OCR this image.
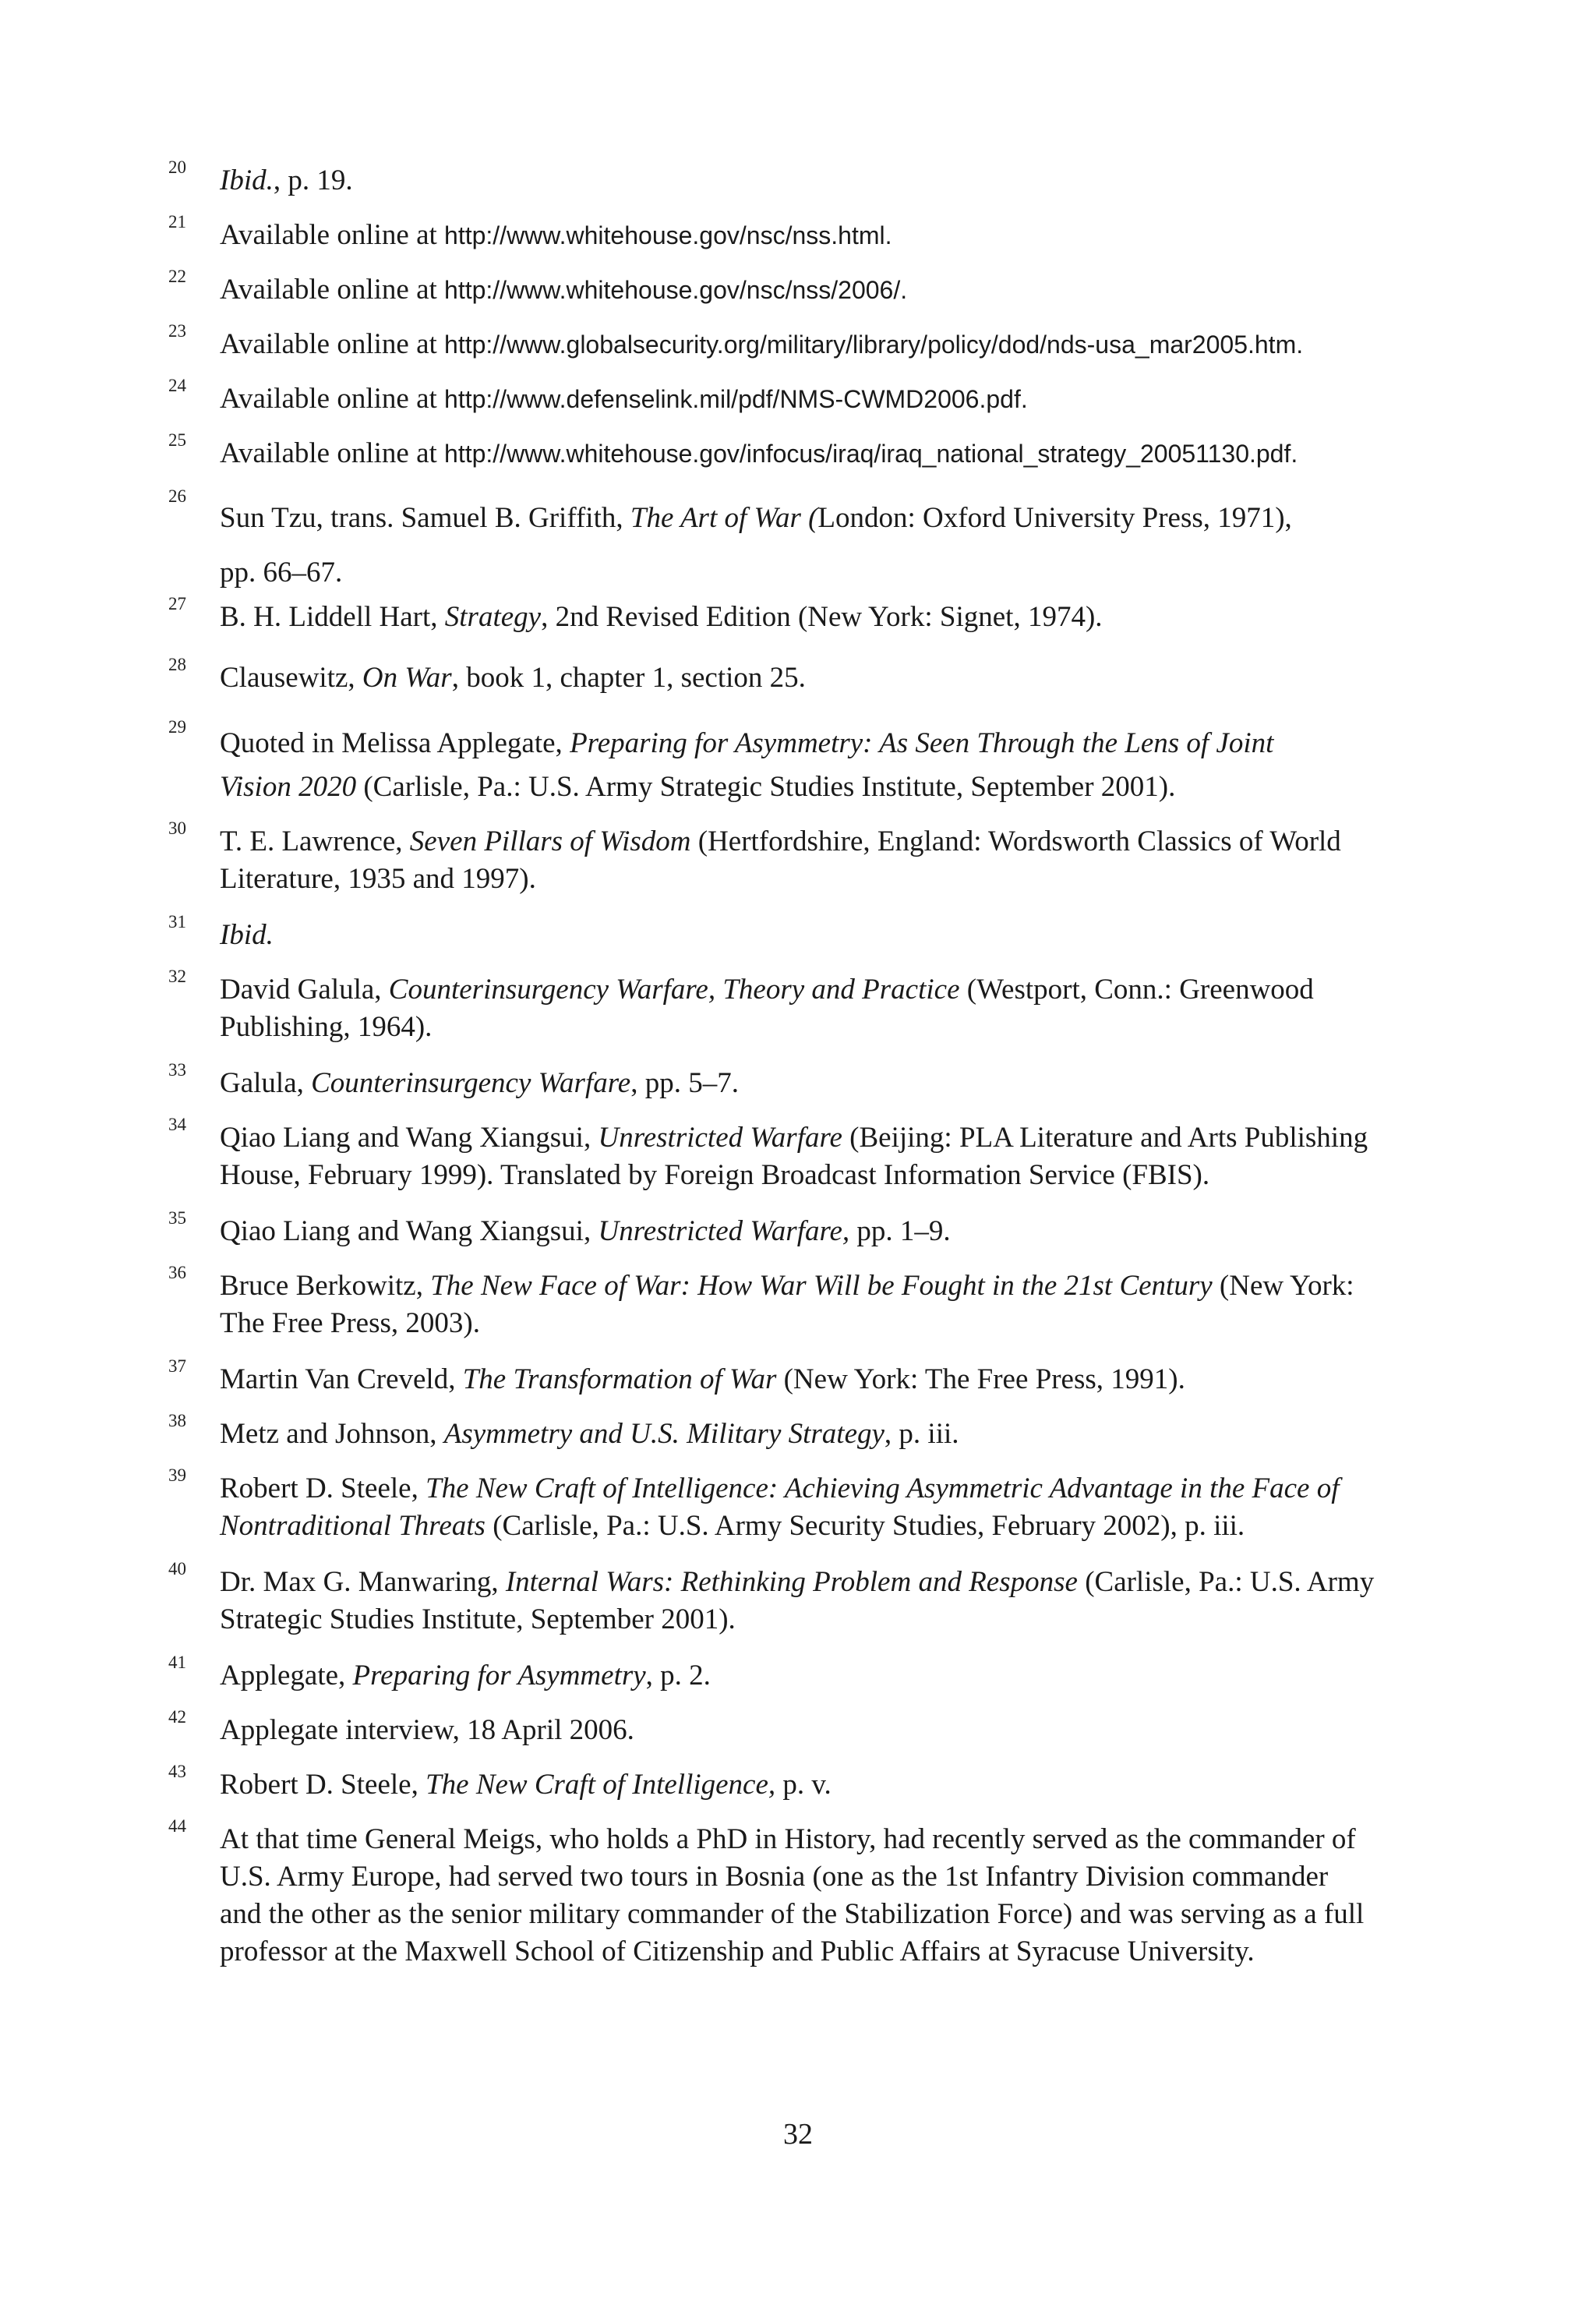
20 Ibid., p. 19.
21 Available online at http://www.whitehouse.gov/nsc/nss.html.
22 Available online at http://www.whitehouse.gov/nsc/nss/2006/.
23 Available online at http://www.globalsecurity.org/military/library/policy/dod/nds-usa_mar2005.htm.
24 Available online at http://www.defenselink.mil/pdf/NMS-CWMD2006.pdf.
25 Available online at http://www.whitehouse.gov/infocus/iraq/iraq_national_strategy_20051130.pdf.
26
Sun Tzu, trans. Samuel B. Griffith, The Art of War (London: Oxford University Press, 1971),
pp. 66–67.
27 B. H. Liddell Hart, Strategy, 2nd Revised Edition (New York: Signet, 1974).
28 Clausewitz, On War, book 1, chapter 1, section 25.
29
Quoted in Melissa Applegate, Preparing for Asymmetry: As Seen Through the Lens of Joint
Vision 2020 (Carlisle, Pa.: U.S. Army Strategic Studies Institute, September 2001).
30 T. E. Lawrence, Seven Pillars of Wisdom (Hertfordshire, England: Wordsworth Classics of World
Literature, 1935 and 1997).
31 Ibid.
32 David Galula, Counterinsurgency Warfare, Theory and Practice (Westport, Conn.: Greenwood
Publishing, 1964).
33 Galula, Counterinsurgency Warfare, pp. 5–7.
34 Qiao Liang and Wang Xiangsui, Unrestricted Warfare (Beijing: PLA Literature and Arts Publishing
House, February 1999). Translated by Foreign Broadcast Information Service (FBIS).
35 Qiao Liang and Wang Xiangsui, Unrestricted Warfare, pp. 1–9.
36 Bruce Berkowitz, The New Face of War: How War Will be Fought in the 21st Century (New York:
The Free Press, 2003).
37 Martin Van Creveld, The Transformation of War (New York: The Free Press, 1991).
38 Metz and Johnson, Asymmetry and U.S. Military Strategy, p. iii.
39 Robert D. Steele, The New Craft of Intelligence: Achieving Asymmetric Advantage in the Face of
Nontraditional Threats (Carlisle, Pa.: U.S. Army Security Studies, February 2002), p. iii.
40 Dr. Max G. Manwaring, Internal Wars: Rethinking Problem and Response (Carlisle, Pa.: U.S. Army
Strategic Studies Institute, September 2001).
41 Applegate, Preparing for Asymmetry, p. 2.
42 Applegate interview, 18 April 2006.
43 Robert D. Steele, The New Craft of Intelligence, p. v.
44 At that time General Meigs, who holds a PhD in History, had recently served as the commander of
U.S. Army Europe, had served two tours in Bosnia (one as the 1st Infantry Division commander
and the other as the senior military commander of the Stabilization Force) and was serving as a full
professor at the Maxwell School of Citizenship and Public Affairs at Syracuse University.
32
